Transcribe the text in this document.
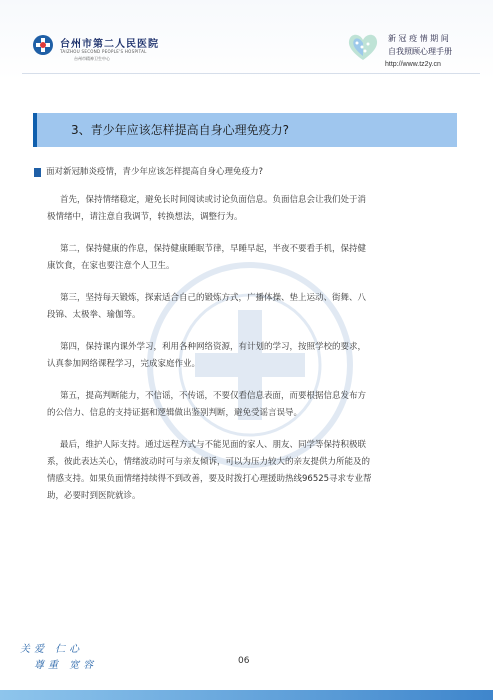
台州市第二人民医院
TAIZHOU SECOND PEOPLE'S HOSPITAL
台州市精神卫生中心
新 冠 疫 情 期 间
自我照顾心理手册
http://www.tz2y.cn
3、青少年应该怎样提高自身心理免疫力?
面对新冠肺炎疫情，青少年应该怎样提高自身心理免疫力?
首先，保持情绪稳定，避免长时间阅读或讨论负面信息。负面信息会让我们处于消
极情绪中，请注意自我调节，转换想法，调整行为。
第二，保持健康的作息，保持健康睡眠节律，早睡早起，半夜不要看手机，保持健
康饮食，在家也要注意个人卫生。
第三，坚持每天锻炼，探索适合自己的锻炼方式，广播体操、垫上运动、街舞、八
段锦、太极拳、瑜伽等。
第四，保持课内课外学习，利用各种网络资源，有计划的学习，按照学校的要求，
认真参加网络课程学习，完成家庭作业。
第五，提高判断能力，不信谣，不传谣，不要仅看信息表面，而要根据信息发布方
的公信力、信息的支持证据和逻辑做出鉴别判断，避免受谣言误导。
最后，维护人际支持。通过远程方式与不能见面的家人、朋友、同学等保持积极联
系，彼此表达关心，情绪波动时可与亲友倾诉，可以为压力较大的亲友提供力所能及的
情感支持。如果负面情绪持续得不到改善，要及时拨打心理援助热线96525寻求专业帮
助，必要时到医院就诊。
关爱 仁心
尊重 宽容	06
